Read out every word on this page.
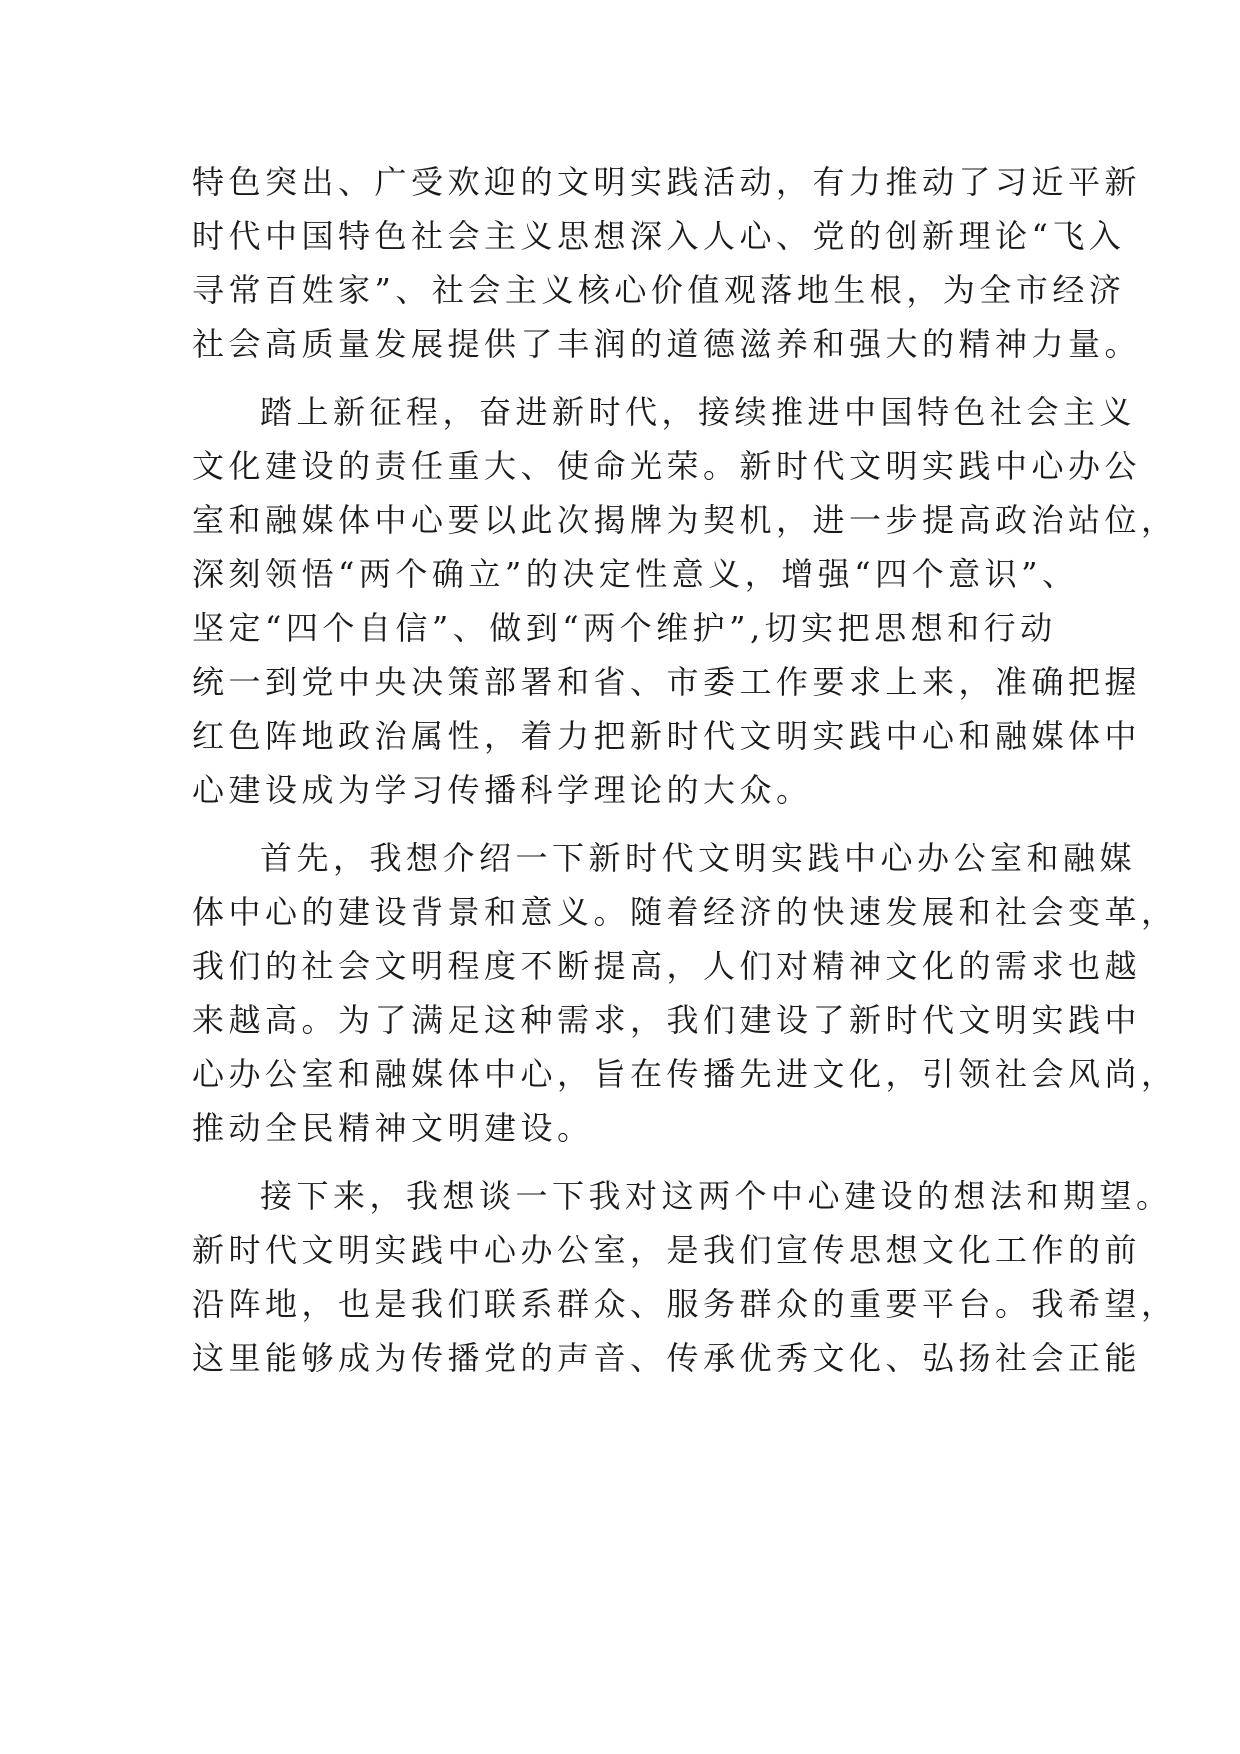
特色突出、广受欢迎的文明实践活动，有力推动了习近平新
时代中国特色社会主义思想深入人心、党的创新理论“飞入
寻常百姓家”、社会主义核心价值观落地生根，为全市经济
社会高质量发展提供了丰润的道德滋养和强大的精神力量。
踏上新征程，奋进新时代，接续推进中国特色社会主义
文化建设的责任重大、使命光荣。新时代文明实践中心办公
室和融媒体中心要以此次揭牌为契机，进一步提高政治站位，
深刻领悟“两个确立”的决定性意义，增强“四个意识”、
坚定“四个自信”、做到“两个维护”,切实把思想和行动
统一到党中央决策部署和省、市委工作要求上来，准确把握
红色阵地政治属性，着力把新时代文明实践中心和融媒体中
心建设成为学习传播科学理论的大众。
首先，我想介绍一下新时代文明实践中心办公室和融媒
体中心的建设背景和意义。随着经济的快速发展和社会变革，
我们的社会文明程度不断提高，人们对精神文化的需求也越
来越高。为了满足这种需求，我们建设了新时代文明实践中
心办公室和融媒体中心，旨在传播先进文化，引领社会风尚，
推动全民精神文明建设。
接下来，我想谈一下我对这两个中心建设的想法和期望。
新时代文明实践中心办公室，是我们宣传思想文化工作的前
沿阵地，也是我们联系群众、服务群众的重要平台。我希望，
这里能够成为传播党的声音、传承优秀文化、弘扬社会正能
